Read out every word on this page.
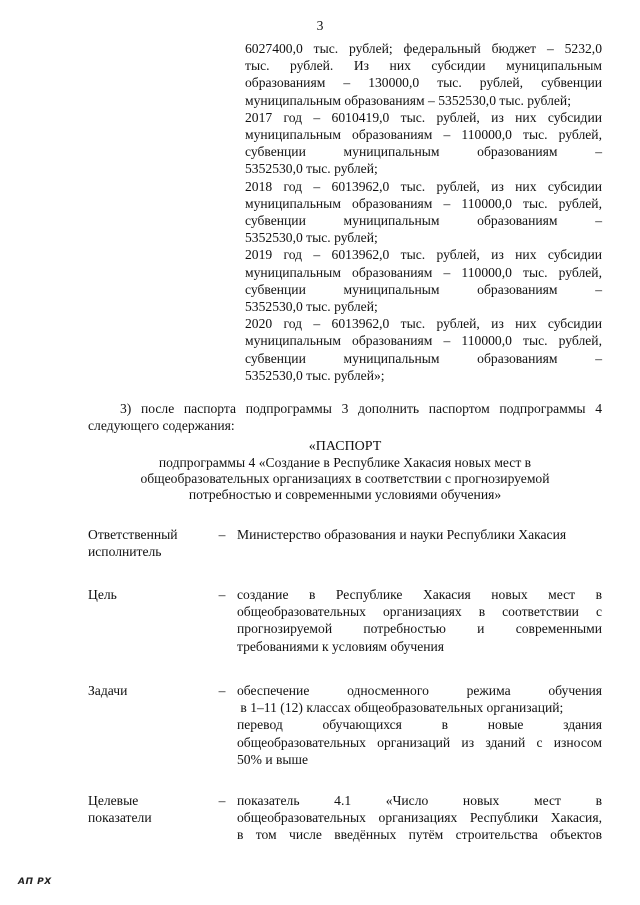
3
6027400,0 тыс. рублей; федеральный бюджет – 5232,0
тыс. рублей. Из них субсидии муниципальным
образованиям – 130000,0 тыс. рублей, субвенции
муниципальным образованиям – 5352530,0 тыс. рублей;
2017 год – 6010419,0 тыс. рублей, из них субсидии
муниципальным образованиям – 110000,0 тыс. рублей,
субвенции муниципальным образованиям –
5352530,0 тыс. рублей;
2018 год – 6013962,0 тыс. рублей, из них субсидии
муниципальным образованиям – 110000,0 тыс. рублей,
субвенции муниципальным образованиям –
5352530,0 тыс. рублей;
2019 год – 6013962,0 тыс. рублей, из них субсидии
муниципальным образованиям – 110000,0 тыс. рублей,
субвенции муниципальным образованиям –
5352530,0 тыс. рублей;
2020 год – 6013962,0 тыс. рублей, из них субсидии
муниципальным образованиям – 110000,0 тыс. рублей,
субвенции муниципальным образованиям –
5352530,0 тыс. рублей»;
3) после паспорта подпрограммы 3 дополнить паспортом подпрограммы 4
следующего содержания:
«ПАСПОРТ
подпрограммы 4 «Создание в Республике Хакасия новых мест в
общеобразовательных организациях в соответствии с прогнозируемой
потребностью и современными условиями обучения»
Ответственный
исполнитель
– Министерство образования и науки Республики Хакасия
Цель	– создание в Республике Хакасия новых мест в
общеобразовательных организациях в соответствии с
прогнозируемой потребностью и современными
требованиями к условиям обучения
Задачи	– обеспечение односменного режима обучения
в 1–11 (12) классах общеобразовательных организаций;
перевод обучающихся в новые здания
общеобразовательных организаций из зданий с износом
50% и выше
Целевые
показатели
– показатель 4.1 «Число новых мест в
общеобразовательных организациях Республики Хакасия,
в том числе введённых путём строительства объектов
АП РХ
